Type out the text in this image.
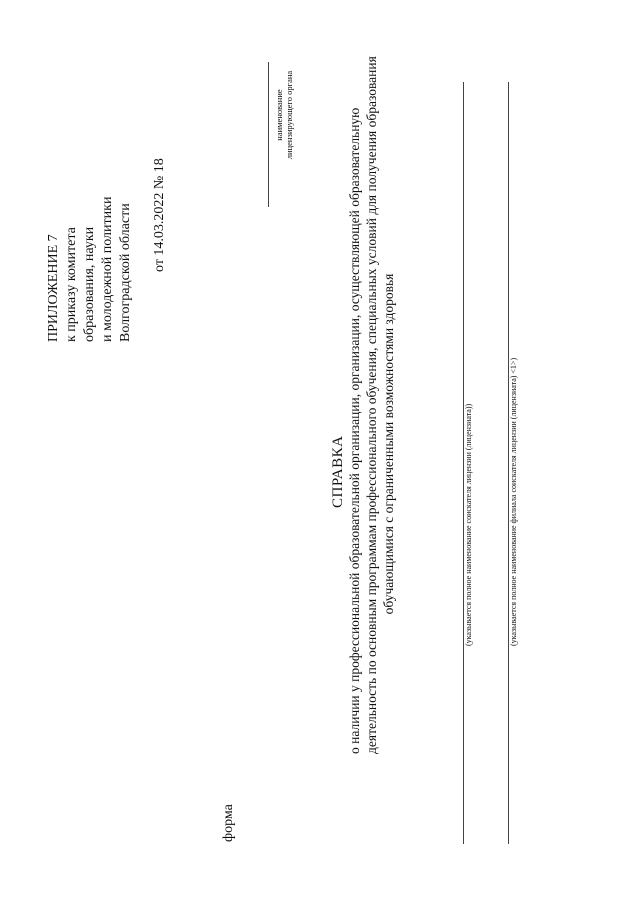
ПРИЛОЖЕНИЕ 7 к приказу комитета образования, науки и молодежной политики Волгоградской области от 14.03.2022 № 18
наименование лицензирующего органа
форма
СПРАВКА о наличии у профессиональной образовательной организации, организации, осуществляющей образовательную деятельность по основным программам профессионального обучения, специальных условий для получения образования обучающимися с ограниченными возможностями здоровья	(указывается полное наименование соискателя лицензии (лицензиата))	(указывается полное наименование филиала соискателя лицензии (лицензиата) <1>)
